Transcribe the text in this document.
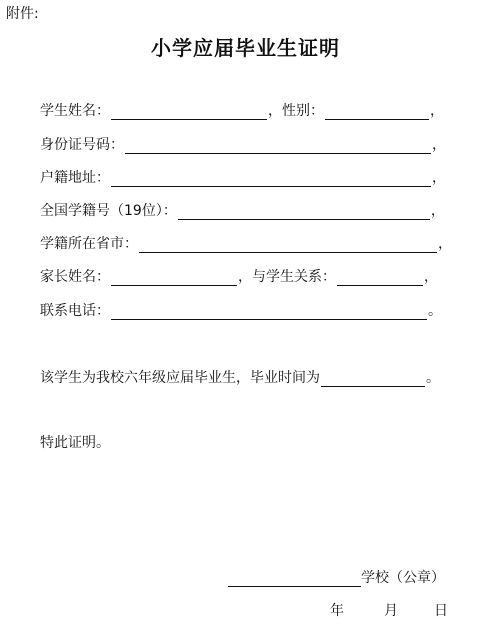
附件:
小学应届毕业生证明
学生姓名：	，性别：	，
身份证号码：	，
户籍地址：	，
全国学籍号（19位）：	，
学籍所在省市：	，
家长姓名：	，与学生关系：	，
联系电话：	。
该学生为我校六年级应届毕业生，毕业时间为	。
特此证明。
学校（公章）
年	月	日
